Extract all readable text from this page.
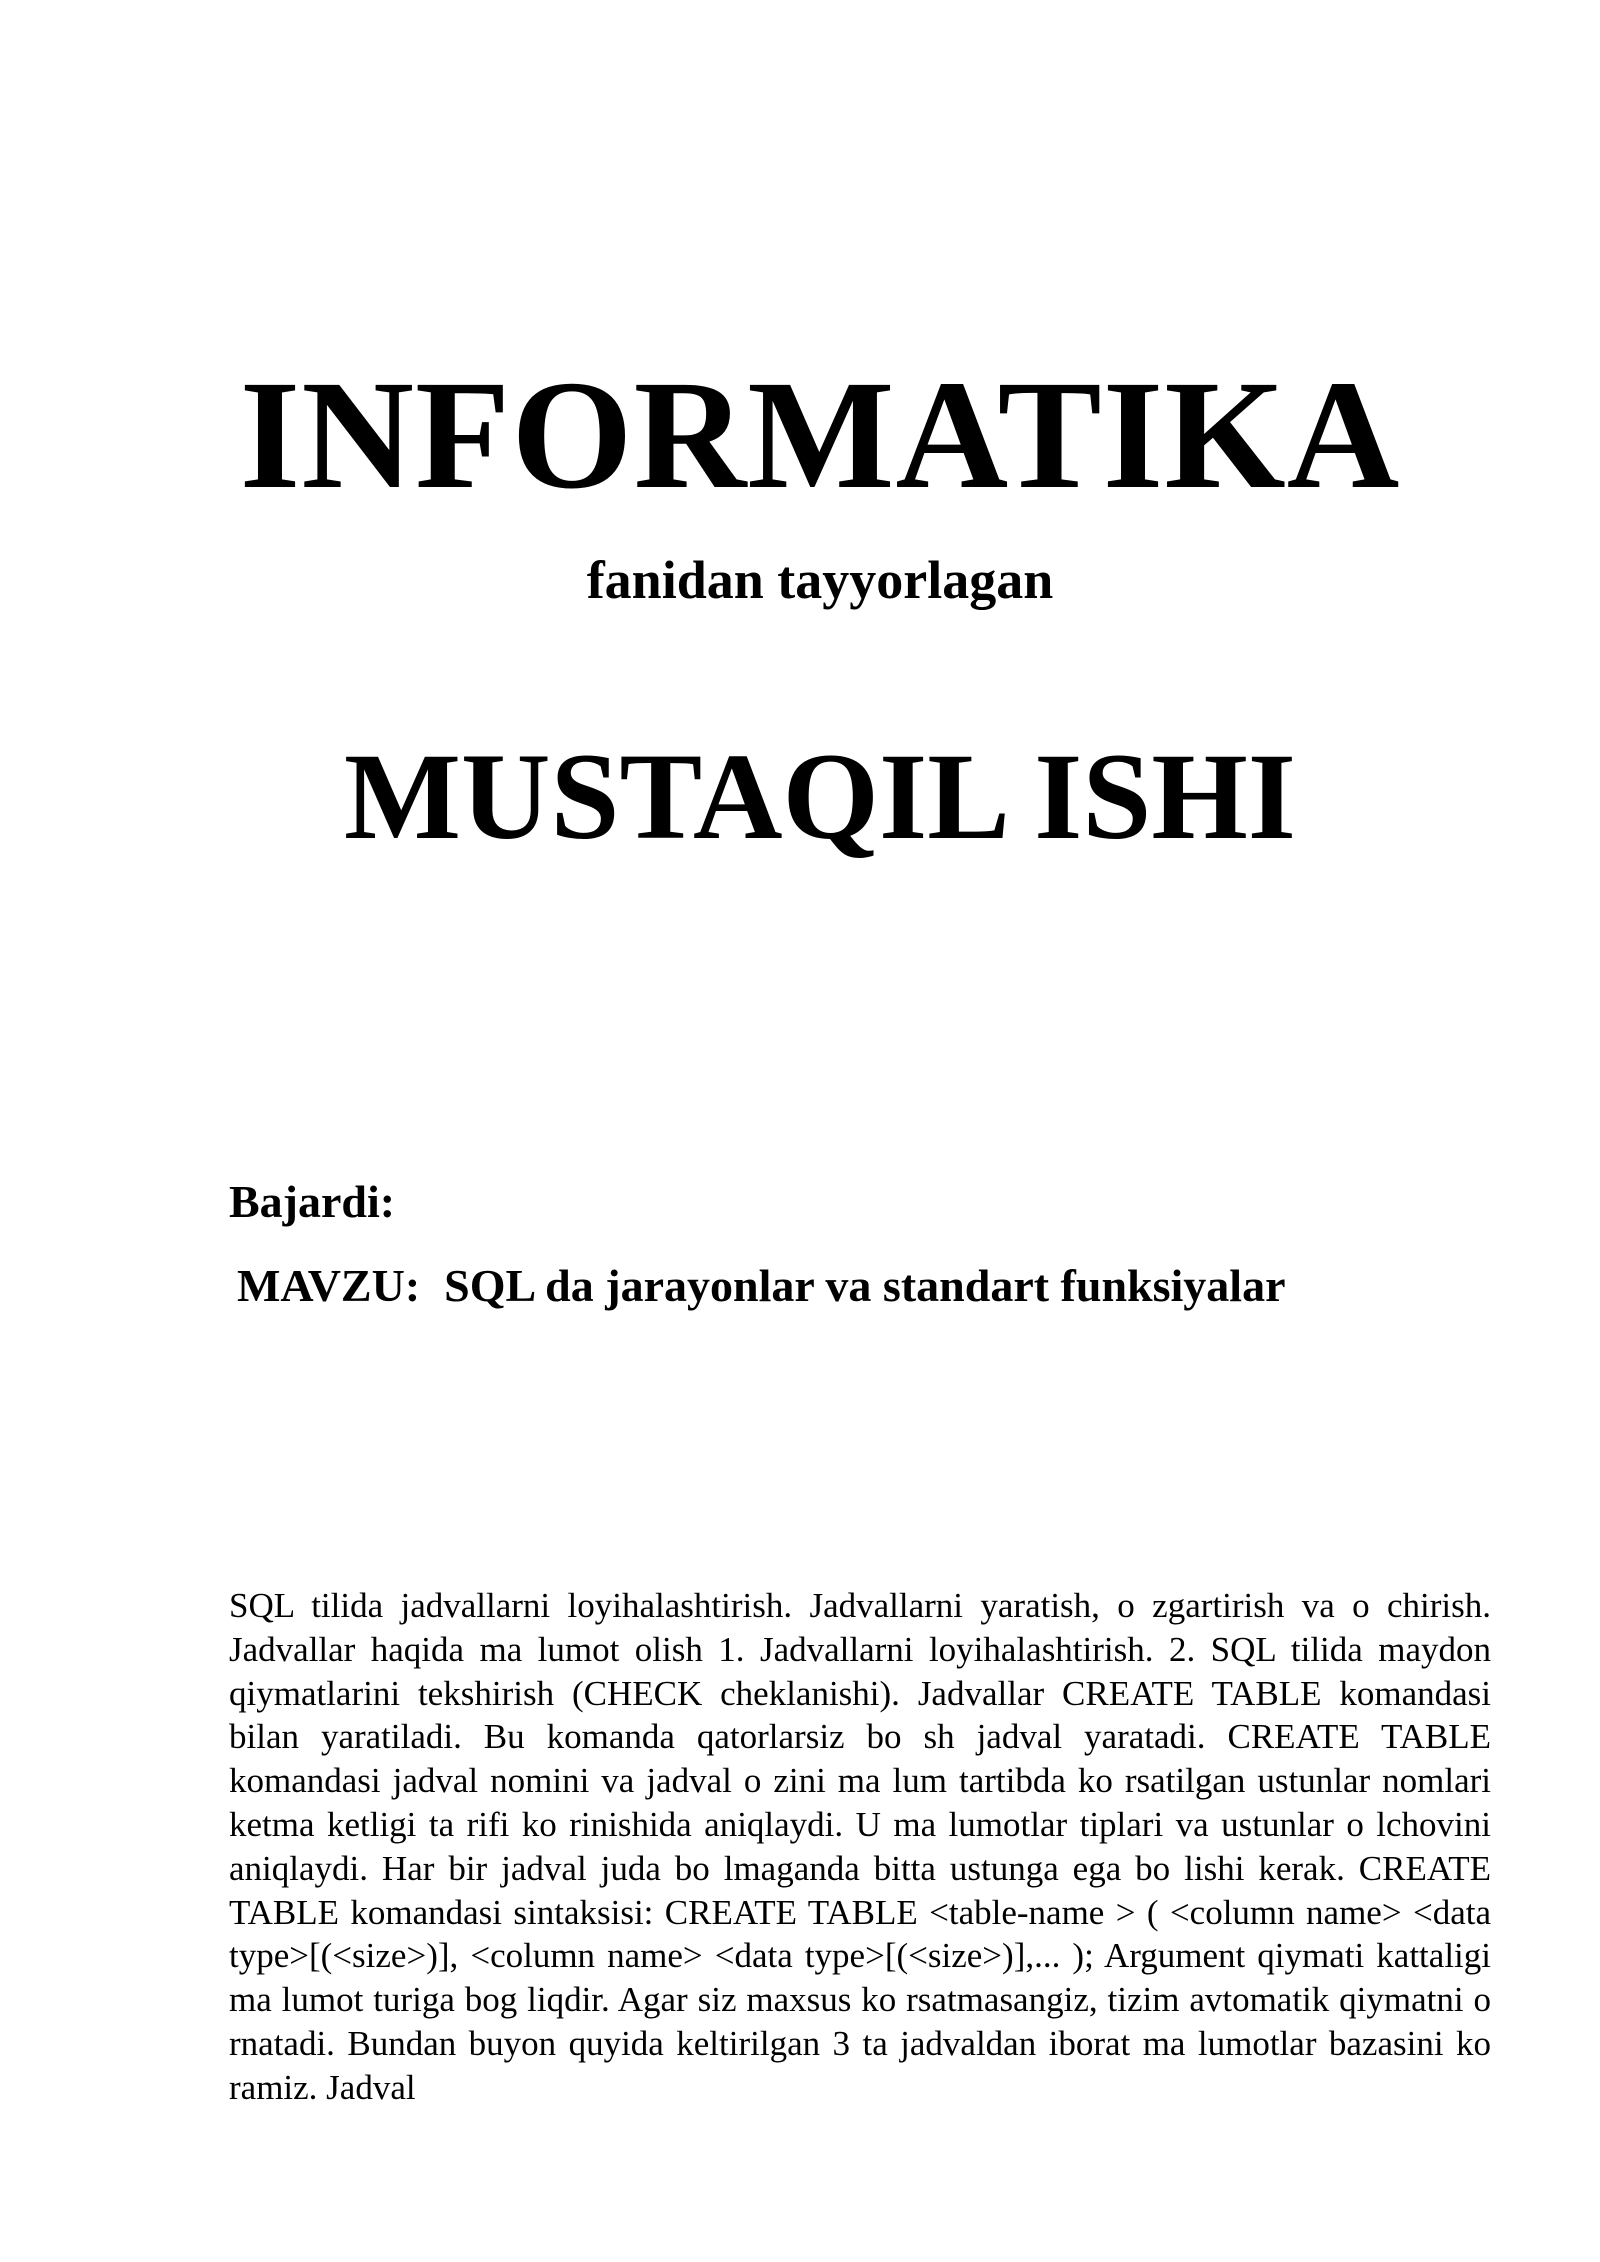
INFORMATIKA

fanidan tayyorlagan

MUSTAQIL ISHI

Bajardi:

MAVZU: SQL da jarayonlar va standart funksiyalar

SQL tilida jadvallarni loyihalashtirish. Jadvallarni yaratish, o zgartirish va o chirish. Jadvallar haqida ma lumot olish 1. Jadvallarni loyihalashtirish. 2. SQL tilida maydon qiymatlarini tekshirish (CHECK cheklanishi). Jadvallar CREATE TABLE komandasi bilan yaratiladi. Bu komanda qatorlarsiz bo sh jadval yaratadi. CREATE TABLE komandasi jadval nomini va jadval o zini ma lum tartibda ko rsatilgan ustunlar nomlari ketma ketligi ta rifi ko rinishida aniqlaydi. U ma lumotlar tiplari va ustunlar o lchovini aniqlaydi. Har bir jadval juda bo lmaganda bitta ustunga ega bo lishi kerak. CREATE TABLE komandasi sintaksisi: CREATE TABLE <table-name > ( <column name> <data type>[(<size>)], <column name> <data type>[(<size>)],... ); Argument qiymati kattaligi ma lumot turiga bog liqdir. Agar siz maxsus ko rsatmasangiz, tizim avtomatik qiymatni o rnatadi. Bundan buyon quyida keltirilgan 3 ta jadvaldan iborat ma lumotlar bazasini ko ramiz. Jadval
